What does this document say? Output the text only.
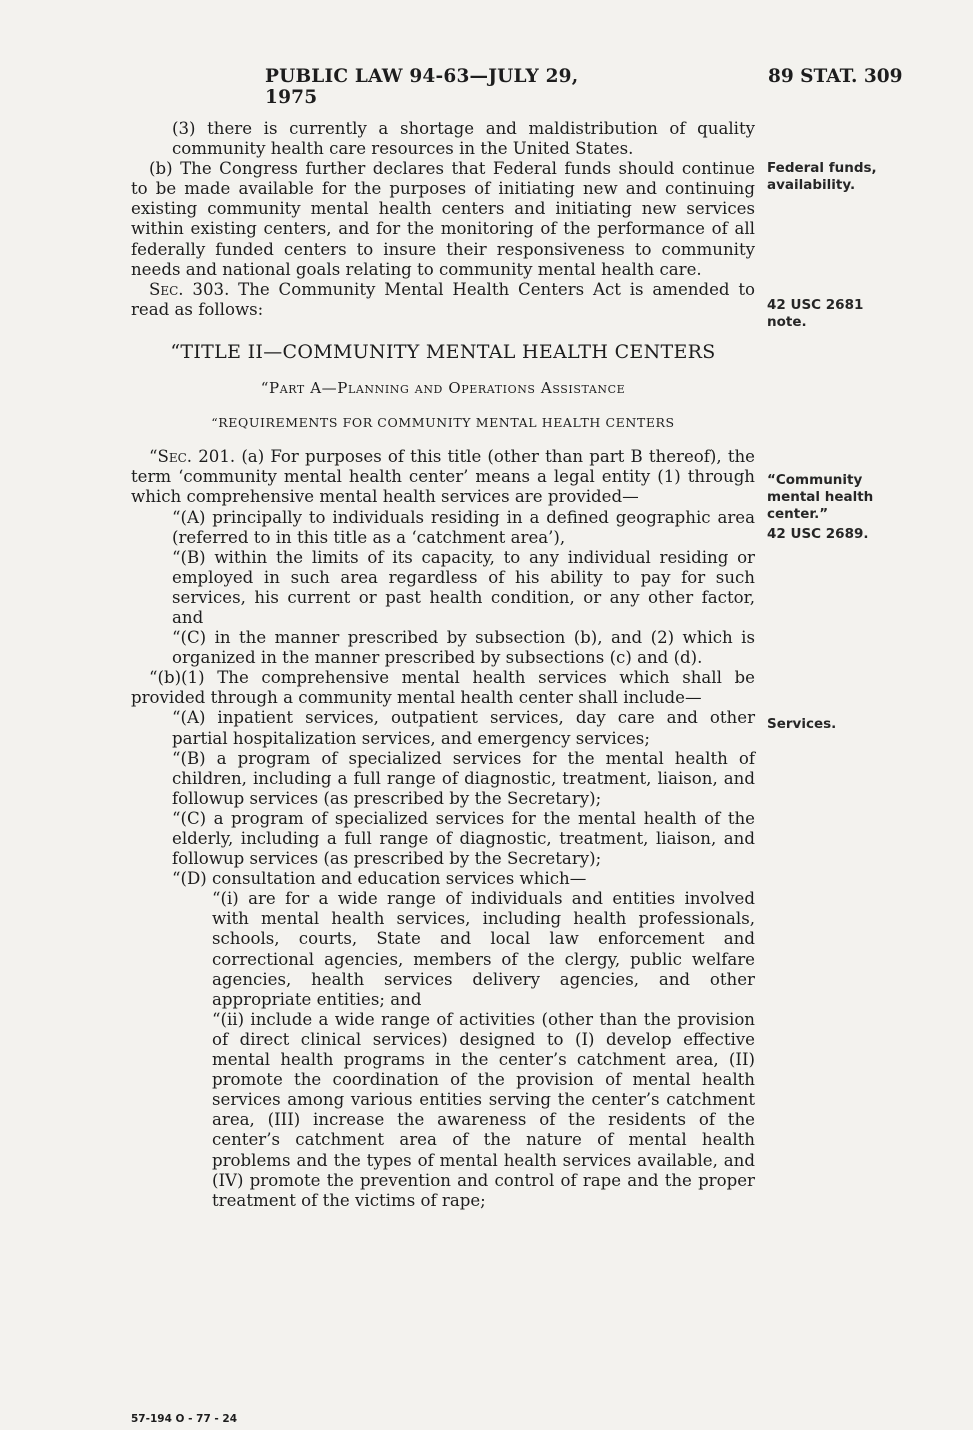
PUBLIC LAW 94-63—JULY 29, 1975
89 STAT. 309

(3) there is currently a shortage and maldistribution of quality community health care resources in the United States.

(b) The Congress further declares that Federal funds should continue to be made available for the purposes of initiating new and continuing existing community mental health centers and initiating new services within existing centers, and for the monitoring of the performance of all federally funded centers to insure their responsiveness to community needs and national goals relating to community mental health care.

Sec. 303. The Community Mental Health Centers Act is amended to read as follows:

“TITLE II—COMMUNITY MENTAL HEALTH CENTERS
“Part A—Planning and Operations Assistance
“REQUIREMENTS FOR COMMUNITY MENTAL HEALTH CENTERS

“Sec. 201. (a) For purposes of this title (other than part B thereof), the term ‘community mental health center’ means a legal entity (1) through which comprehensive mental health services are provided—

“(A) principally to individuals residing in a defined geographic area (referred to in this title as a ‘catchment area’),

“(B) within the limits of its capacity, to any individual residing or employed in such area regardless of his ability to pay for such services, his current or past health condition, or any other factor, and

“(C) in the manner prescribed by subsection (b), and (2) which is organized in the manner prescribed by subsections (c) and (d).

“(b)(1) The comprehensive mental health services which shall be provided through a community mental health center shall include—

“(A) inpatient services, outpatient services, day care and other partial hospitalization services, and emergency services;

“(B) a program of specialized services for the mental health of children, including a full range of diagnostic, treatment, liaison, and followup services (as prescribed by the Secretary);

“(C) a program of specialized services for the mental health of the elderly, including a full range of diagnostic, treatment, liaison, and followup services (as prescribed by the Secretary);

“(D) consultation and education services which—

“(i) are for a wide range of individuals and entities involved with mental health services, including health professionals, schools, courts, State and local law enforcement and correctional agencies, members of the clergy, public welfare agencies, health services delivery agencies, and other appropriate entities; and

“(ii) include a wide range of activities (other than the provision of direct clinical services) designed to (I) develop effective mental health programs in the center’s catchment area, (II) promote the coordination of the provision of mental health services among various entities serving the center’s catchment area, (III) increase the awareness of the residents of the center’s catchment area of the nature of mental health problems and the types of mental health services available, and (IV) promote the prevention and control of rape and the proper treatment of the victims of rape;

Federal funds, availability.
42 USC 2681 note.
“Community mental health center.”
42 USC 2689.
Services.
57-194 O - 77 - 24
